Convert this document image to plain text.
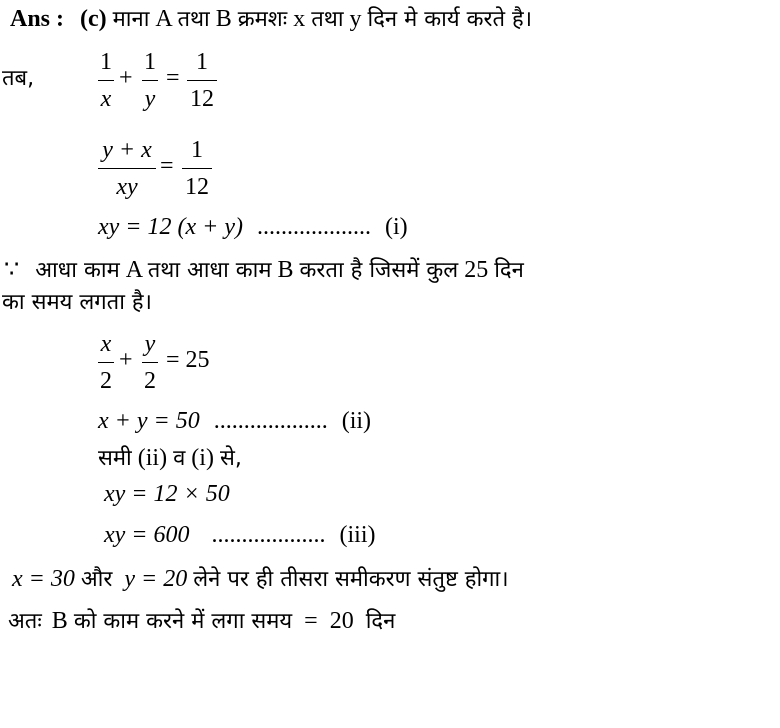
Ans : (c) माना A तथा B क्रमशः x तथा y दिन मे कार्य करते है।
तब,
1
x
+
1
y
=
1
12
y + x
xy
=
1
12
xy = 12 (x + y) ................... (i)
∵ आधा काम A तथा आधा काम B करता है जिसमें कुल 25 दिन
का समय लगता है।
x
2
+
y
2
= 25
x + y = 50 ................... (ii)
समी (ii) व (i) से,
xy = 12 × 50
xy = 600 ................... (iii)
x = 30 और y = 20 लेने पर ही तीसरा समीकरण संतुष्ट होगा।
अतः B को काम करने में लगा समय = 20 दिन
